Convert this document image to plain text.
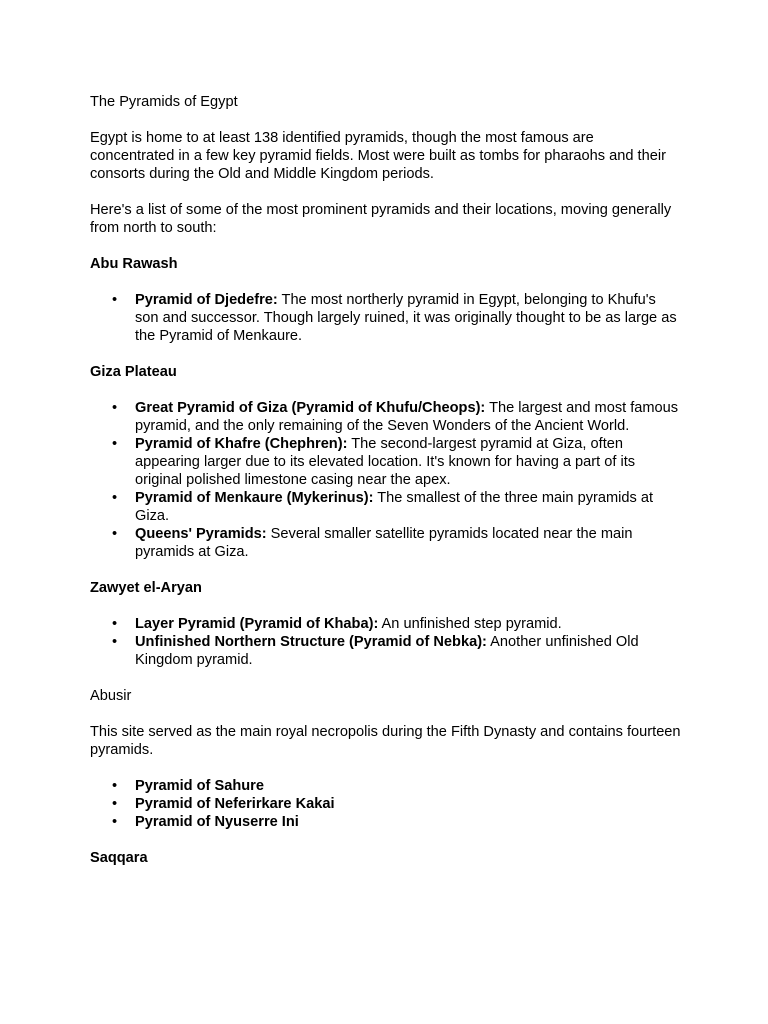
The Pyramids of Egypt

Egypt is home to at least 138 identified pyramids, though the most famous are concentrated in a few key pyramid fields. Most were built as tombs for pharaohs and their consorts during the Old and Middle Kingdom periods.

Here's a list of some of the most prominent pyramids and their locations, moving generally from north to south:

Abu Rawash
• Pyramid of Djedefre: The most northerly pyramid in Egypt, belonging to Khufu's son and successor. Though largely ruined, it was originally thought to be as large as the Pyramid of Menkaure.
Giza Plateau
• Great Pyramid of Giza (Pyramid of Khufu/Cheops): The largest and most famous pyramid, and the only remaining of the Seven Wonders of the Ancient World.
• Pyramid of Khafre (Chephren): The second-largest pyramid at Giza, often appearing larger due to its elevated location. It's known for having a part of its original polished limestone casing near the apex.
• Pyramid of Menkaure (Mykerinus): The smallest of the three main pyramids at Giza.
• Queens' Pyramids: Several smaller satellite pyramids located near the main pyramids at Giza.
Zawyet el-Aryan
• Layer Pyramid (Pyramid of Khaba): An unfinished step pyramid.
• Unfinished Northern Structure (Pyramid of Nebka): Another unfinished Old Kingdom pyramid.

Abusir

This site served as the main royal necropolis during the Fifth Dynasty and contains fourteen pyramids.

• Pyramid of Sahure
• Pyramid of Neferirkare Kakai
• Pyramid of Nyuserre Ini
Saqqara
